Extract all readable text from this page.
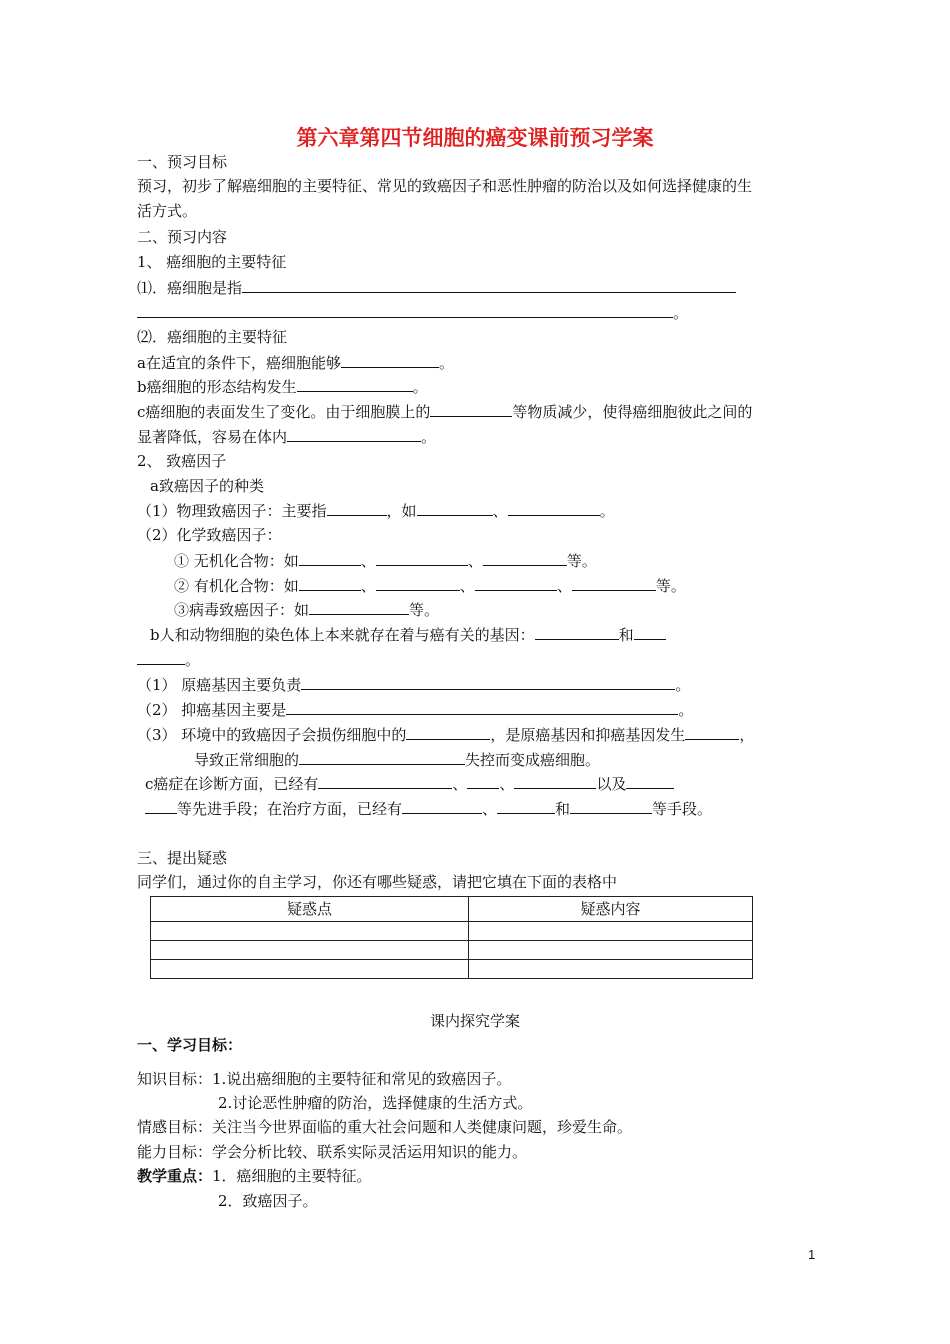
第六章第四节细胞的癌变课前预习学案
一、预习目标
预习，初步了解癌细胞的主要特征、常见的致癌因子和恶性肿瘤的防治以及如何选择健康的生
活方式。
二、预习内容
1、 癌细胞的主要特征
⑴．癌细胞是指
。
⑵．癌细胞的主要特征
a在适宜的条件下，癌细胞能够	。
b癌细胞的形态结构发生	。
c癌细胞的表面发生了变化。由于细胞膜上的	等物质减少，使得癌细胞彼此之间的
显著降低，容易在体内	。
2、 致癌因子
a致癌因子的种类
（1）物理致癌因子：主要指	，如	、	。
（2）化学致癌因子：
① 无机化合物：如	、	、	等。
② 有机化合物：如	、	、	、	等。
③病毒致癌因子：如	等。
b人和动物细胞的染色体上本来就存在着与癌有关的基因：	和
。
（1） 原癌基因主要负责	。
（2） 抑癌基因主要是	。
（3） 环境中的致癌因子会损伤细胞中的	，是原癌基因和抑癌基因发生	，
导致正常细胞的	失控而变成癌细胞。
c癌症在诊断方面，已经有	、 、	以及
等先进手段；在治疗方面，已经有	、	和	等手段。
三、提出疑惑
同学们，通过你的自主学习，你还有哪些疑惑，请把它填在下面的表格中
疑惑点	疑惑内容

课内探究学案
一、学习目标：
知识目标：1.说出癌细胞的主要特征和常见的致癌因子。
2.讨论恶性肿瘤的防治，选择健康的生活方式。
情感目标：关注当今世界面临的重大社会问题和人类健康问题，珍爱生命。
能力目标：学会分析比较、联系实际灵活运用知识的能力。
教学重点：1．癌细胞的主要特征。
2．致癌因子。
1
